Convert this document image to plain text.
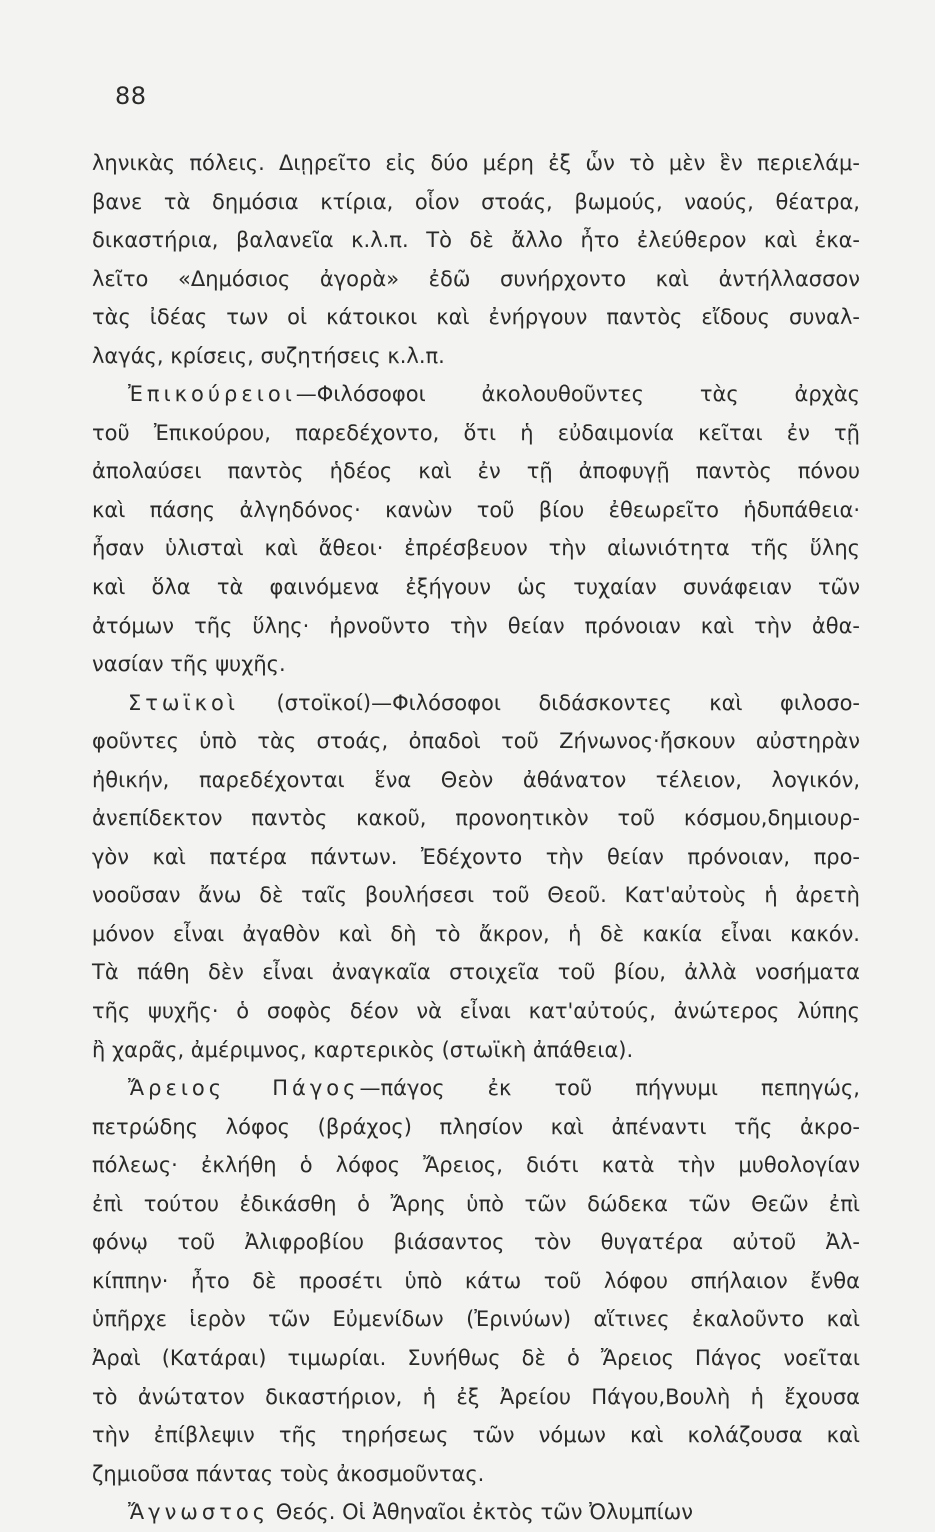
88
ληνικὰς πόλεις. Διῃρεῖτο εἰς δύο μέρη ἐξ ὧν τὸ μὲν ἓν περιελάμ-
βανε τὰ δημόσια κτίρια, οἷον στοάς, βωμούς, ναούς, θέατρα,
δικαστήρια, βαλανεῖα κ.λ.π. Τὸ δὲ ἄλλο ἦτο ἐλεύθερον καὶ ἐκα-
λεῖτο «Δημόσιος ἀγορὰ» ἐδῶ συνήρχοντο καὶ ἀντήλλασσον
τὰς ἰδέας των οἱ κάτοικοι καὶ ἐνήργουν παντὸς εἴδους συναλ-
λαγάς, κρίσεις, συζητήσεις κ.λ.π.
Ἐπικούρειοι—Φιλόσοφοι ἀκολουθοῦντες τὰς ἀρχὰς
τοῦ Ἐπικούρου, παρεδέχοντο, ὅτι ἡ εὐδαιμονία κεῖται ἐν τῇ
ἀπολαύσει παντὸς ἡδέος καὶ ἐν τῇ ἀποφυγῇ παντὸς πόνου
καὶ πάσης ἀλγηδόνος· κανὼν τοῦ βίου ἐθεωρεῖτο ἡδυπάθεια·
ἦσαν ὑλισταὶ καὶ ἄθεοι· ἐπρέσβευον τὴν αἰωνιότητα τῆς ὕλης
καὶ ὅλα τὰ φαινόμενα ἐξήγουν ὡς τυχαίαν συνάφειαν τῶν
ἀτόμων τῆς ὕλης· ἠρνοῦντο τὴν θείαν πρόνοιαν καὶ τὴν ἀθα-
νασίαν τῆς ψυχῆς.
Στωϊκοὶ (στοϊκοί)—Φιλόσοφοι διδάσκοντες καὶ φιλοσο-
φοῦντες ὑπὸ τὰς στοάς, ὀπαδοὶ τοῦ Ζήνωνος·ἤσκουν αὐστηρὰν
ἠθικήν, παρεδέχονται ἕνα Θεὸν ἀθάνατον τέλειον, λογικόν,
ἀνεπίδεκτον παντὸς κακοῦ, προνοητικὸν τοῦ κόσμου,δημιουρ-
γὸν καὶ πατέρα πάντων. Ἐδέχοντο τὴν θείαν πρόνοιαν, προ-
νοοῦσαν ἄνω δὲ ταῖς βουλήσεσι τοῦ Θεοῦ. Κατ'αὐτοὺς ἡ ἀρετὴ
μόνον εἶναι ἀγαθὸν καὶ δὴ τὸ ἄκρον, ἡ δὲ κακία εἶναι κακόν.
Τὰ πάθη δὲν εἶναι ἀναγκαῖα στοιχεῖα τοῦ βίου, ἀλλὰ νοσήματα
τῆς ψυχῆς· ὁ σοφὸς δέον νὰ εἶναι κατ'αὐτούς, ἀνώτερος λύπης
ἢ χαρᾶς, ἀμέριμνος, καρτερικὸς (στωϊκὴ ἀπάθεια).
Ἄρειος Πάγος—πάγος ἐκ τοῦ πήγνυμι πεπηγώς,
πετρώδης λόφος (βράχος) πλησίον καὶ ἀπέναντι τῆς ἀκρο-
πόλεως· ἐκλήθη ὁ λόφος Ἄρειος, διότι κατὰ τὴν μυθολογίαν
ἐπὶ τούτου ἐδικάσθη ὁ Ἄρης ὑπὸ τῶν δώδεκα τῶν Θεῶν ἐπὶ
φόνῳ τοῦ Ἀλιφροβίου βιάσαντος τὸν θυγατέρα αὐτοῦ Ἀλ-
κίππην· ἦτο δὲ προσέτι ὑπὸ κάτω τοῦ λόφου σπήλαιον ἔνθα
ὑπῆρχε ἱερὸν τῶν Εὐμενίδων (Ἐρινύων) αἵτινες ἐκαλοῦντο καὶ
Ἀραὶ (Κατάραι) τιμωρίαι. Συνήθως δὲ ὁ Ἄρειος Πάγος νοεῖται
τὸ ἀνώτατον δικαστήριον, ἡ ἐξ Ἀρείου Πάγου,Βουλὴ ἡ ἔχουσα
τὴν ἐπίβλεψιν τῆς τηρήσεως τῶν νόμων καὶ κολάζουσα καὶ
ζημιοῦσα πάντας τοὺς ἀκοσμοῦντας.
Ἄγνωστος Θεός. Οἱ Ἀθηναῖοι ἐκτὸς τῶν Ὀλυμπίων
